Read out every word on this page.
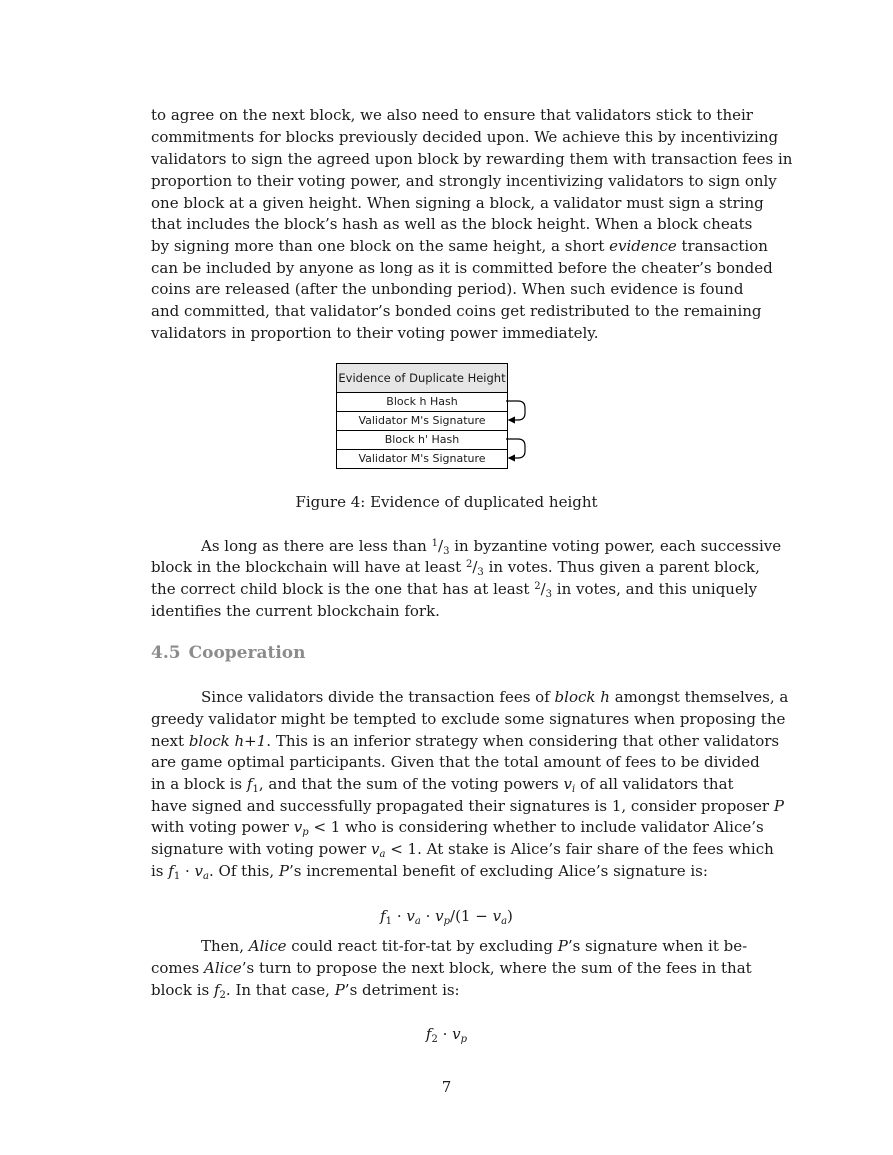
to agree on the next block, we also need to ensure that validators stick to their
commitments for blocks previously decided upon. We achieve this by incentivizing
validators to sign the agreed upon block by rewarding them with transaction fees in
proportion to their voting power, and strongly incentivizing validators to sign only
one block at a given height. When signing a block, a validator must sign a string
that includes the block’s hash as well as the block height. When a block cheats
by signing more than one block on the same height, a short evidence transaction
can be included by anyone as long as it is committed before the cheater’s bonded
coins are released (after the unbonding period). When such evidence is found
and committed, that validator’s bonded coins get redistributed to the remaining
validators in proportion to their voting power immediately.
Evidence of Duplicate Height
Block h Hash
Validator M's Signature
Block h' Hash
Validator M's Signature
Figure 4: Evidence of duplicated height
As long as there are less than $^1/_3$ in byzantine voting power, each successive
block in the blockchain will have at least $^2/_3$ in votes. Thus given a parent block,
the correct child block is the one that has at least $^2/_3$ in votes, and this uniquely
identifies the current blockchain fork.
4.5 Cooperation
Since validators divide the transaction fees of block h amongst themselves, a
greedy validator might be tempted to exclude some signatures when proposing the
next block h+1. This is an inferior strategy when considering that other validators
are game optimal participants. Given that the total amount of fees to be divided
in a block is $f_1$, and that the sum of the voting powers $v_i$ of all validators that
have signed and successfully propagated their signatures is 1, consider proposer P
with voting power $v_p < 1$ who is considering whether to include validator Alice’s
signature with voting power $v_a < 1$. At stake is Alice’s fair share of the fees which
is $f_1 \cdot v_a$. Of this, P’s incremental benefit of excluding Alice’s signature is:
$f_1 \cdot v_a \cdot v_p/(1 - v_a)$
Then, Alice could react tit-for-tat by excluding P’s signature when it be-
comes Alice’s turn to propose the next block, where the sum of the fees in that
block is $f_2$. In that case, P’s detriment is:
$f_2 \cdot v_p$
7
